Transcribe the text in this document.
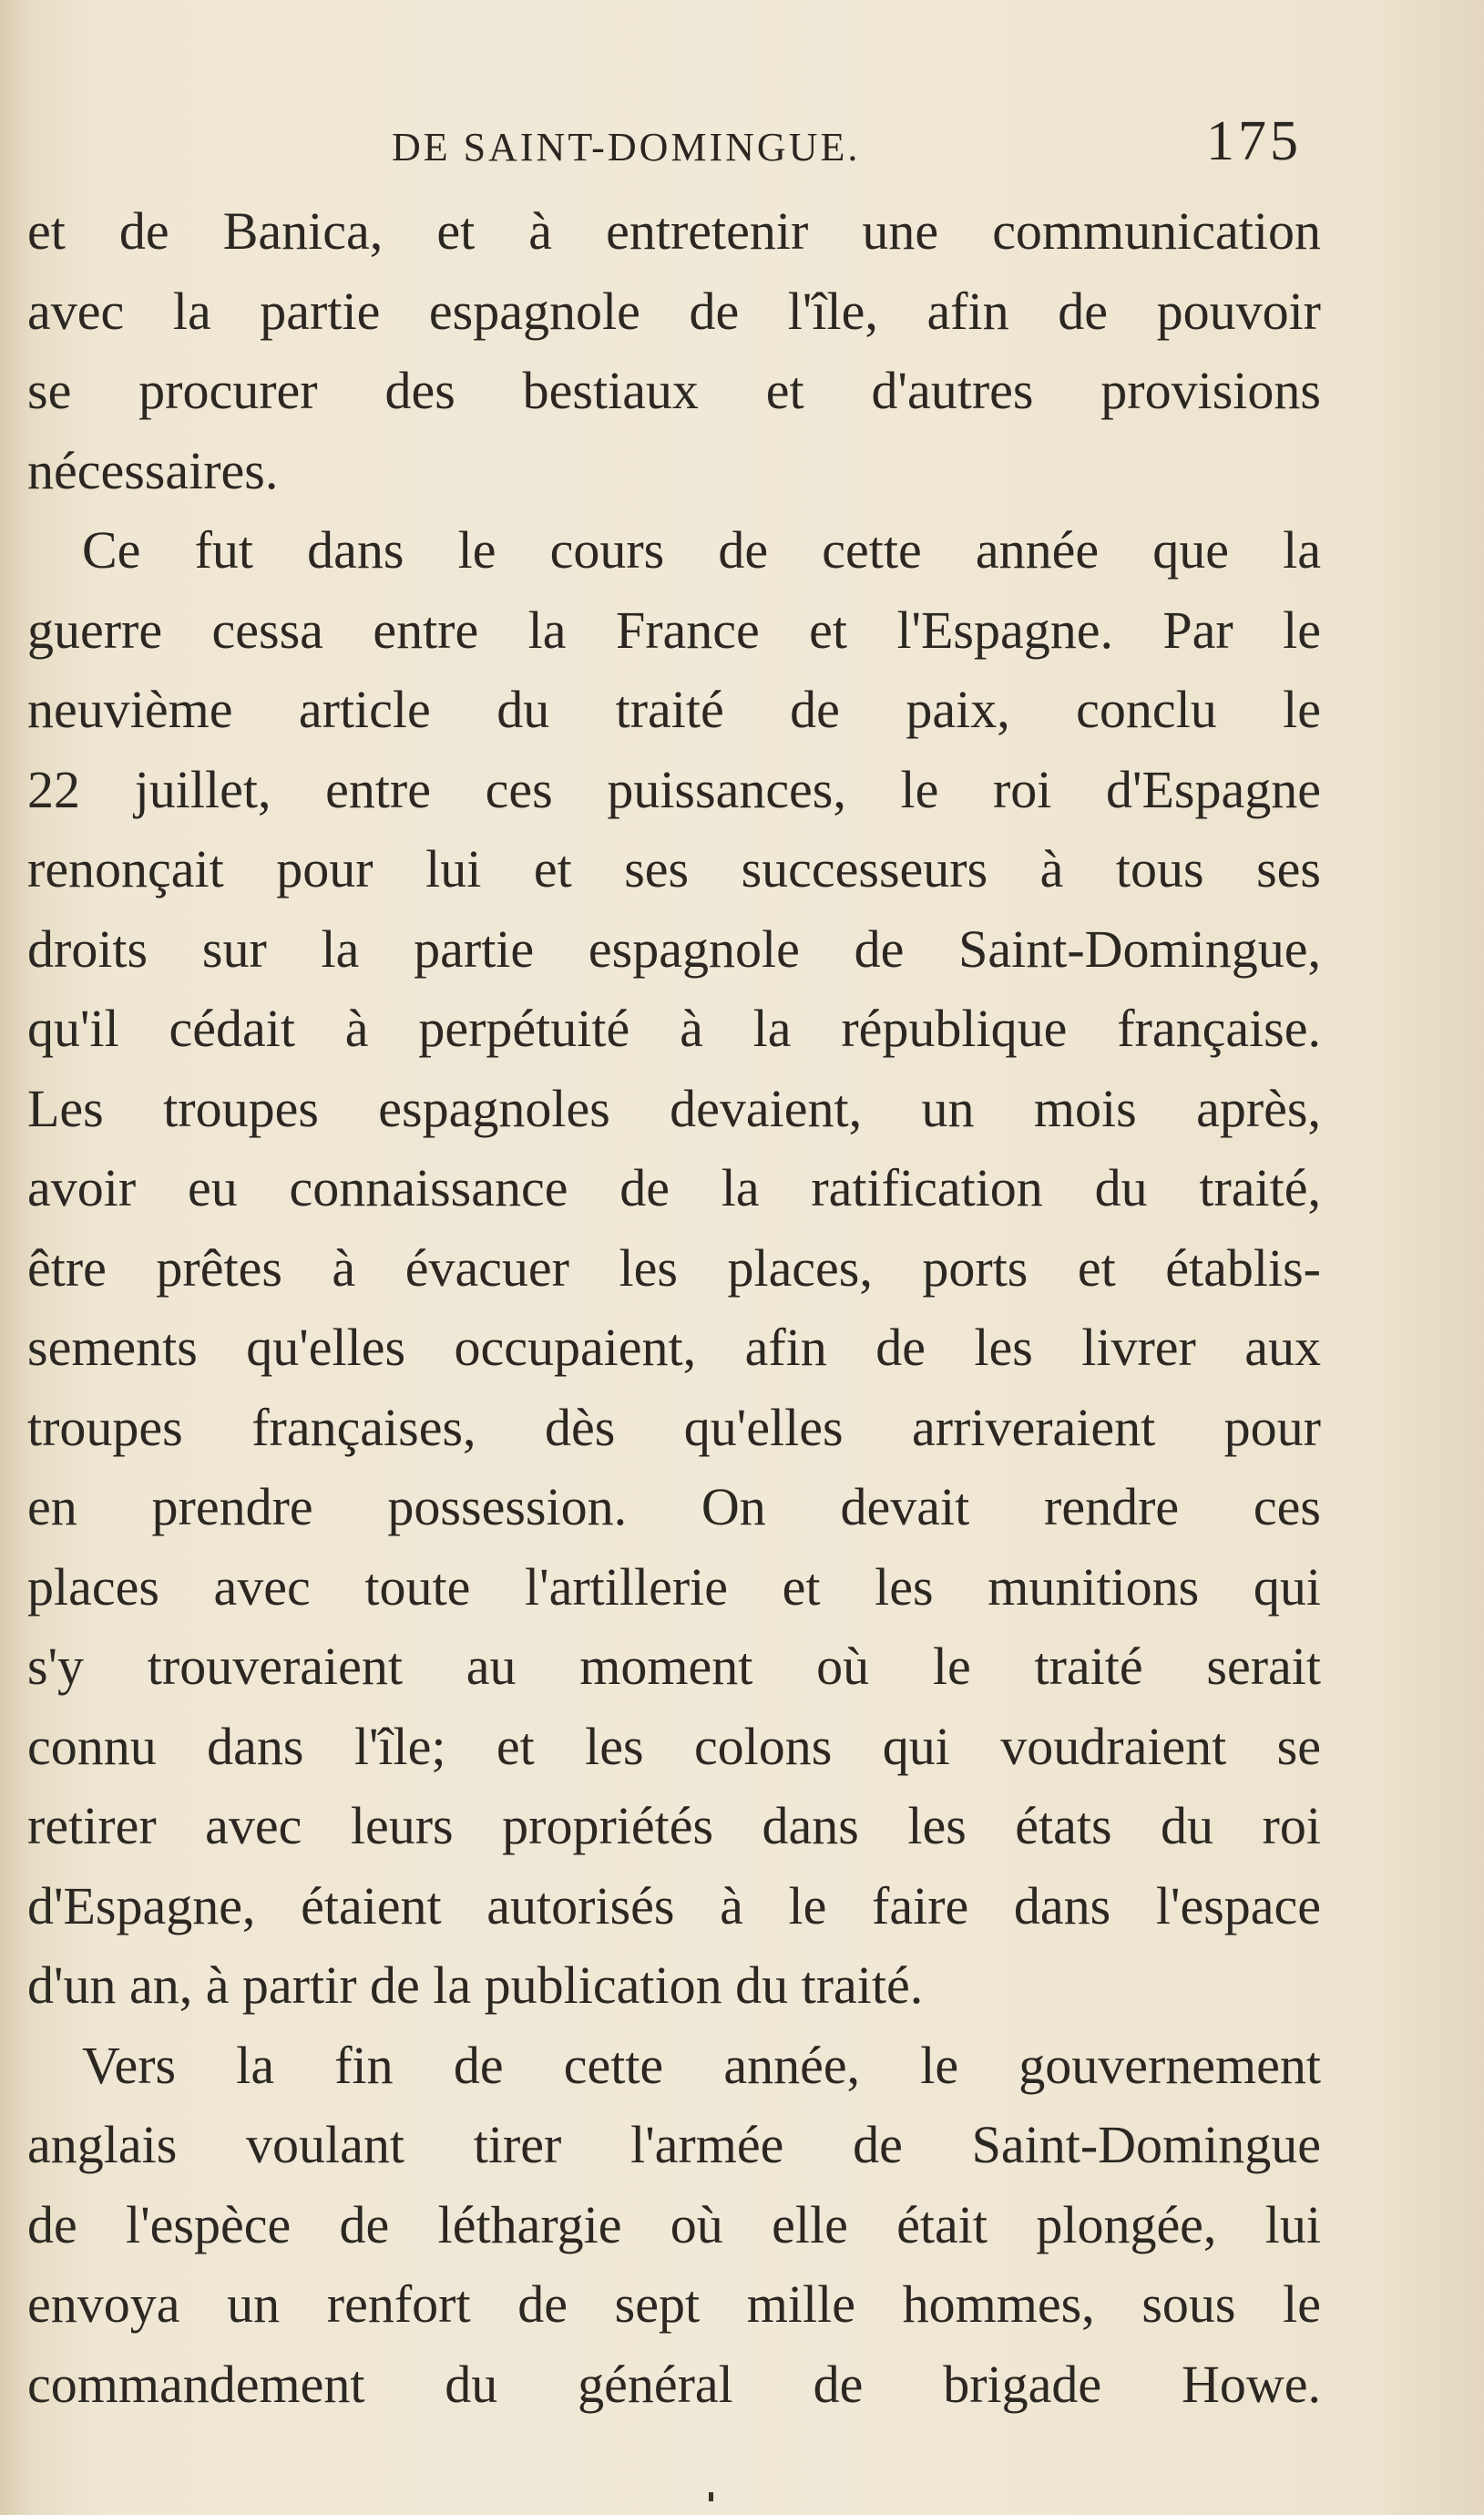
DE SAINT-DOMINGUE.	175
et de Banica, et à entretenir une communication
avec la partie espagnole de l'île, afin de pouvoir
se procurer des bestiaux et d'autres provisions
nécessaires.
Ce fut dans le cours de cette année que la
guerre cessa entre la France et l'Espagne. Par le
neuvième article du traité de paix, conclu le
22 juillet, entre ces puissances, le roi d'Espagne
renonçait pour lui et ses successeurs à tous ses
droits sur la partie espagnole de Saint-Domingue,
qu'il cédait à perpétuité à la république française.
Les troupes espagnoles devaient, un mois après,
avoir eu connaissance de la ratification du traité,
être prêtes à évacuer les places, ports et établis-
sements qu'elles occupaient, afin de les livrer aux
troupes françaises, dès qu'elles arriveraient pour
en prendre possession. On devait rendre ces
places avec toute l'artillerie et les munitions qui
s'y trouveraient au moment où le traité serait
connu dans l'île; et les colons qui voudraient se
retirer avec leurs propriétés dans les états du roi
d'Espagne, étaient autorisés à le faire dans l'espace
d'un an, à partir de la publication du traité.
Vers la fin de cette année, le gouvernement
anglais voulant tirer l'armée de Saint-Domingue
de l'espèce de léthargie où elle était plongée, lui
envoya un renfort de sept mille hommes, sous le
commandement du général de brigade Howe.
